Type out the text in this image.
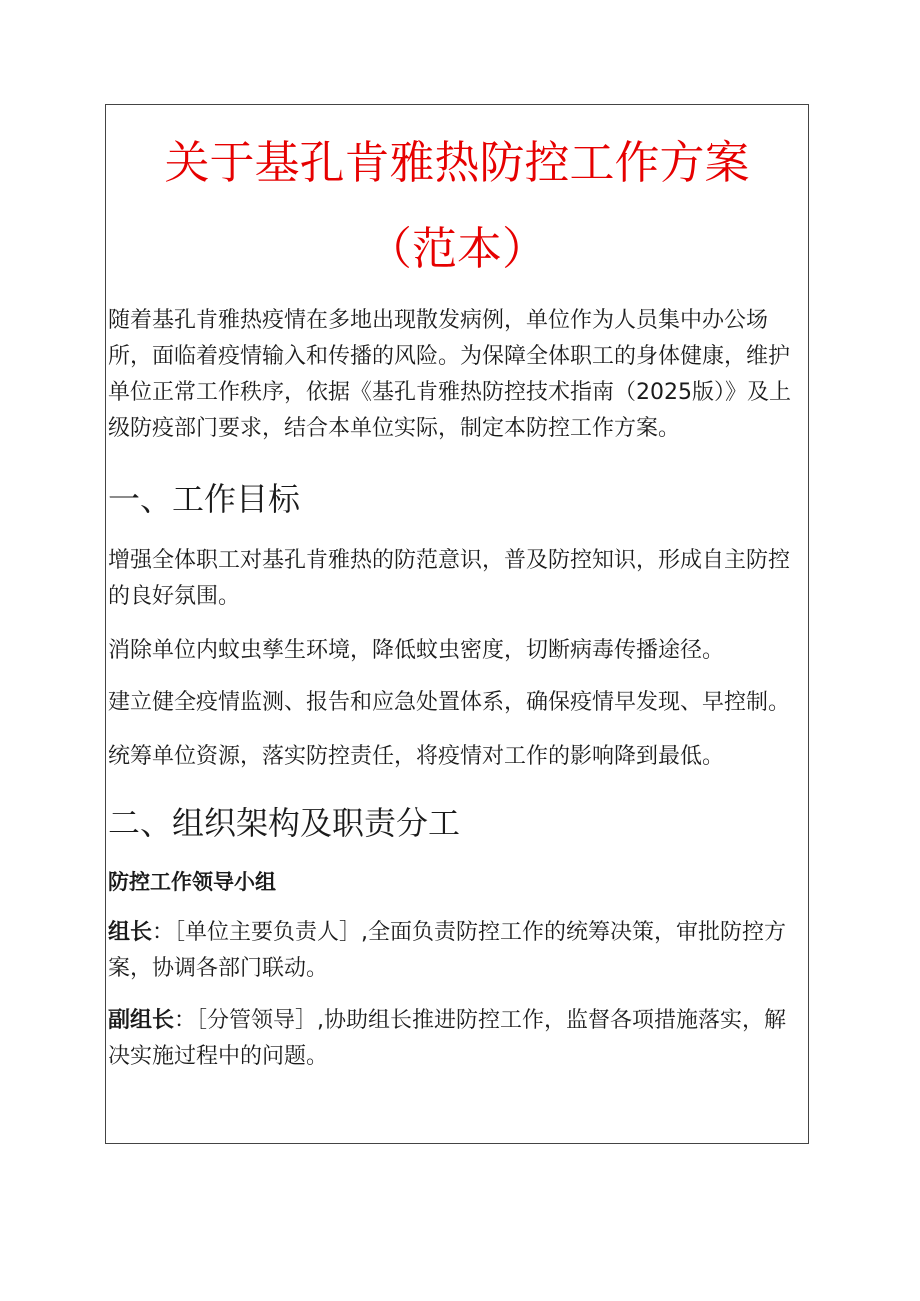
关于基孔肯雅热防控工作方案
（范本）

随着基孔肯雅热疫情在多地出现散发病例，单位作为人员集中办公场所，面临着疫情输入和传播的风险。为保障全体职工的身体健康，维护单位正常工作秩序，依据《基孔肯雅热防控技术指南（2025版）》及上级防疫部门要求，结合本单位实际，制定本防控工作方案。

一、工作目标

增强全体职工对基孔肯雅热的防范意识，普及防控知识，形成自主防控的良好氛围。

消除单位内蚊虫孳生环境，降低蚊虫密度，切断病毒传播途径。

建立健全疫情监测、报告和应急处置体系，确保疫情早发现、早控制。

统筹单位资源，落实防控责任，将疫情对工作的影响降到最低。

二、组织架构及职责分工
防控工作领导小组

组长：［单位主要负责人］,全面负责防控工作的统筹决策，审批防控方案，协调各部门联动。

副组长：［分管领导］,协助组长推进防控工作，监督各项措施落实，解决实施过程中的问题。
